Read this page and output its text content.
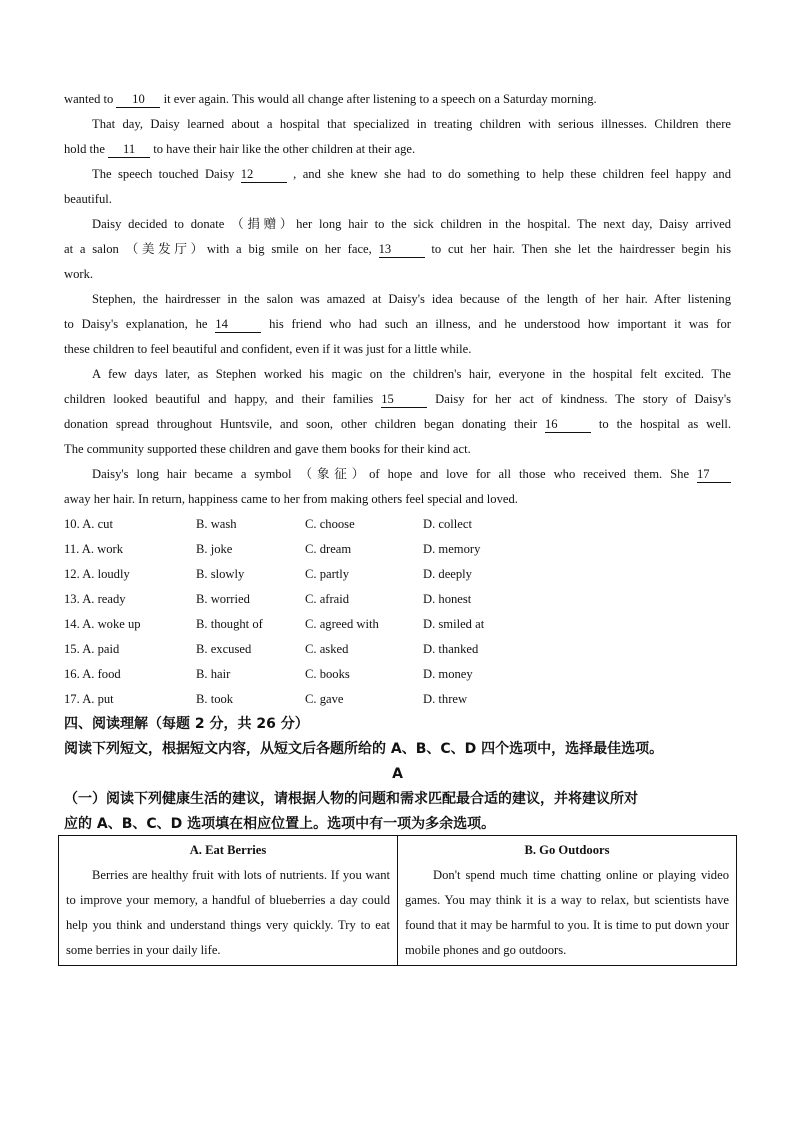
wanted to 10 it ever again. This would all change after listening to a speech on a Saturday morning.
That day, Daisy learned about a hospital that specialized in treating children with serious illnesses. Children there
hold the 11 to have their hair like the other children at their age.
The speech touched Daisy 12	, and she knew she had to do something to help these children feel happy and
beautiful.
Daisy decided to donate （捐赠）her long hair to the sick children in the hospital. The next day, Daisy arrived
at a salon （美发厅）with a big smile on her face, 13	to cut her hair. Then she let the hairdresser begin his
work.
Stephen, the hairdresser in the salon was amazed at Daisy's idea because of the length of her hair. After listening
to Daisy's explanation, he 14	his friend who had such an illness, and he understood how important it was for
these children to feel beautiful and confident, even if it was just for a little while.
A few days later, as Stephen worked his magic on the children's hair, everyone in the hospital felt excited. The
children looked beautiful and happy, and their families 15	Daisy for her act of kindness. The story of Daisy's
donation spread throughout Huntsvile, and soon, other children began donating their 16	to the hospital as well.
The community supported these children and gave them books for their kind act.
Daisy's long hair became a symbol （象征）of hope and love for all those who received them. She 17
away her hair. In return, happiness came to her from making others feel special and loved.
10. A. cut	B. wash	C. choose	D. collect
11. A. work	B. joke	C. dream	D. memory
12. A. loudly	B. slowly	C. partly	D. deeply
13. A. ready	B. worried	C. afraid	D. honest
14. A. woke up	B. thought of	C. agreed with	D. smiled at
15. A. paid	B. excused	C. asked	D. thanked
16. A. food	B. hair	C. books	D. money
17. A. put	B. took	C. gave	D. threw
四、阅读理解（每题 2 分，共 26 分）
阅读下列短文，根据短文内容，从短文后各题所给的 A、B、C、D 四个选项中，选择最佳选项。
A
（一）阅读下列健康生活的建议，请根据人物的问题和需求匹配最合适的建议，并将建议所对
应的 A、B、C、D 选项填在相应位置上。选项中有一项为多余选项。
A. Eat Berries
Berries are healthy fruit with lots of nutrients. If you want to improve your memory, a handful of blueberries a day could help you think and understand things very quickly. Try to eat some berries in your daily life.

B. Go Outdoors
Don't spend much time chatting online or playing video games. You may think it is a way to relax, but scientists have found that it may be harmful to you. It is time to put down your mobile phones and go outdoors.
